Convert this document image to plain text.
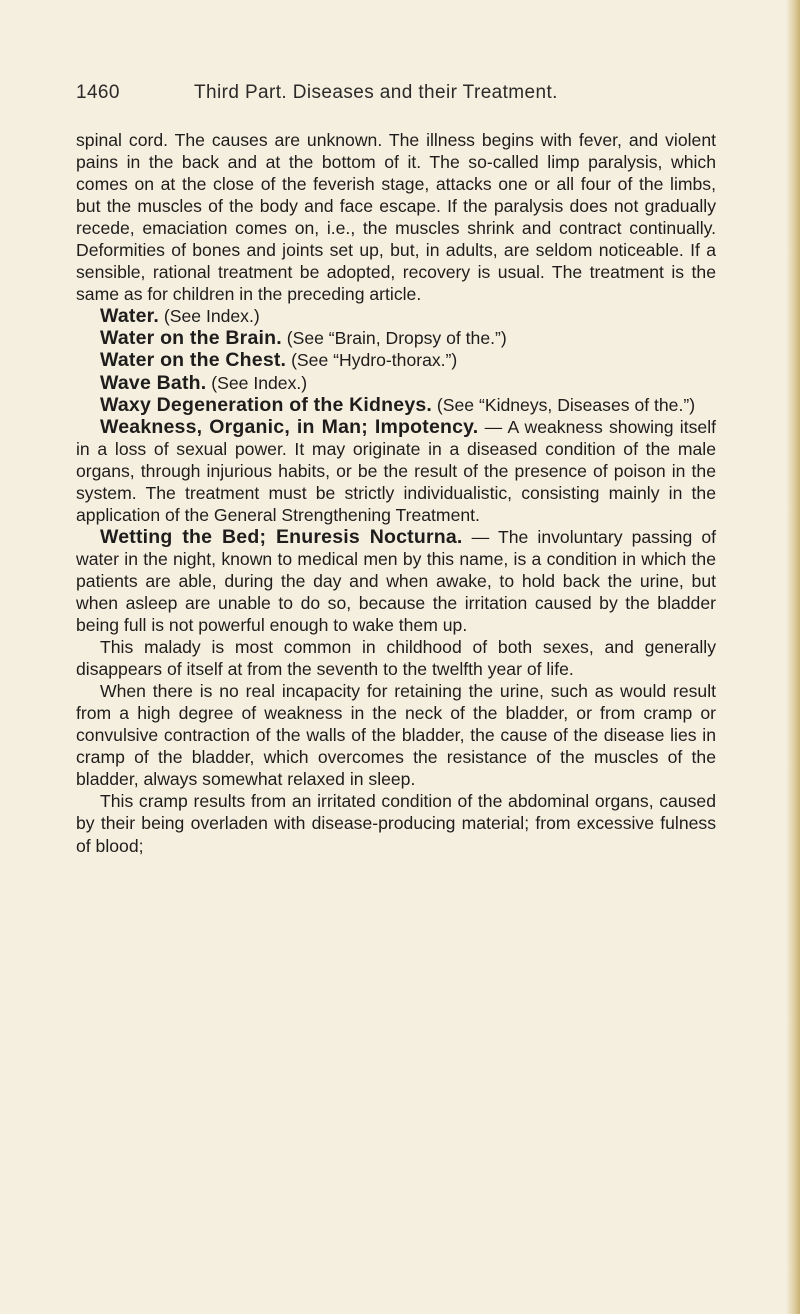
1460	Third Part. Diseases and their Treatment.

spinal cord. The causes are unknown. The illness begins with fever, and violent pains in the back and at the bottom of it. The so-called limp paralysis, which comes on at the close of the feverish stage, attacks one or all four of the limbs, but the muscles of the body and face escape. If the paralysis does not gradually recede, emaciation comes on, i.e., the muscles shrink and contract continually. Deformities of bones and joints set up, but, in adults, are seldom noticeable. If a sensible, rational treatment be adopted, recovery is usual. The treatment is the same as for children in the preceding article.

Water. (See Index.)

Water on the Brain. (See “Brain, Dropsy of the.”)

Water on the Chest. (See “Hydro-thorax.”)

Wave Bath. (See Index.)

Waxy Degeneration of the Kidneys. (See “Kidneys, Diseases of the.”)

Weakness, Organic, in Man; Impotency. — A weakness showing itself in a loss of sexual power. It may originate in a diseased condition of the male organs, through injurious habits, or be the result of the presence of poison in the system. The treatment must be strictly individualistic, consisting mainly in the application of the General Strengthening Treatment.

Wetting the Bed; Enuresis Nocturna. — The involuntary passing of water in the night, known to medical men by this name, is a condition in which the patients are able, during the day and when awake, to hold back the urine, but when asleep are unable to do so, because the irritation caused by the bladder being full is not powerful enough to wake them up.

This malady is most common in childhood of both sexes, and generally disappears of itself at from the seventh to the twelfth year of life.

When there is no real incapacity for retaining the urine, such as would result from a high degree of weakness in the neck of the bladder, or from cramp or convulsive contraction of the walls of the bladder, the cause of the disease lies in cramp of the bladder, which overcomes the resistance of the muscles of the bladder, always somewhat relaxed in sleep.

This cramp results from an irritated condition of the abdominal organs, caused by their being overladen with disease-producing material; from excessive fulness of blood;
